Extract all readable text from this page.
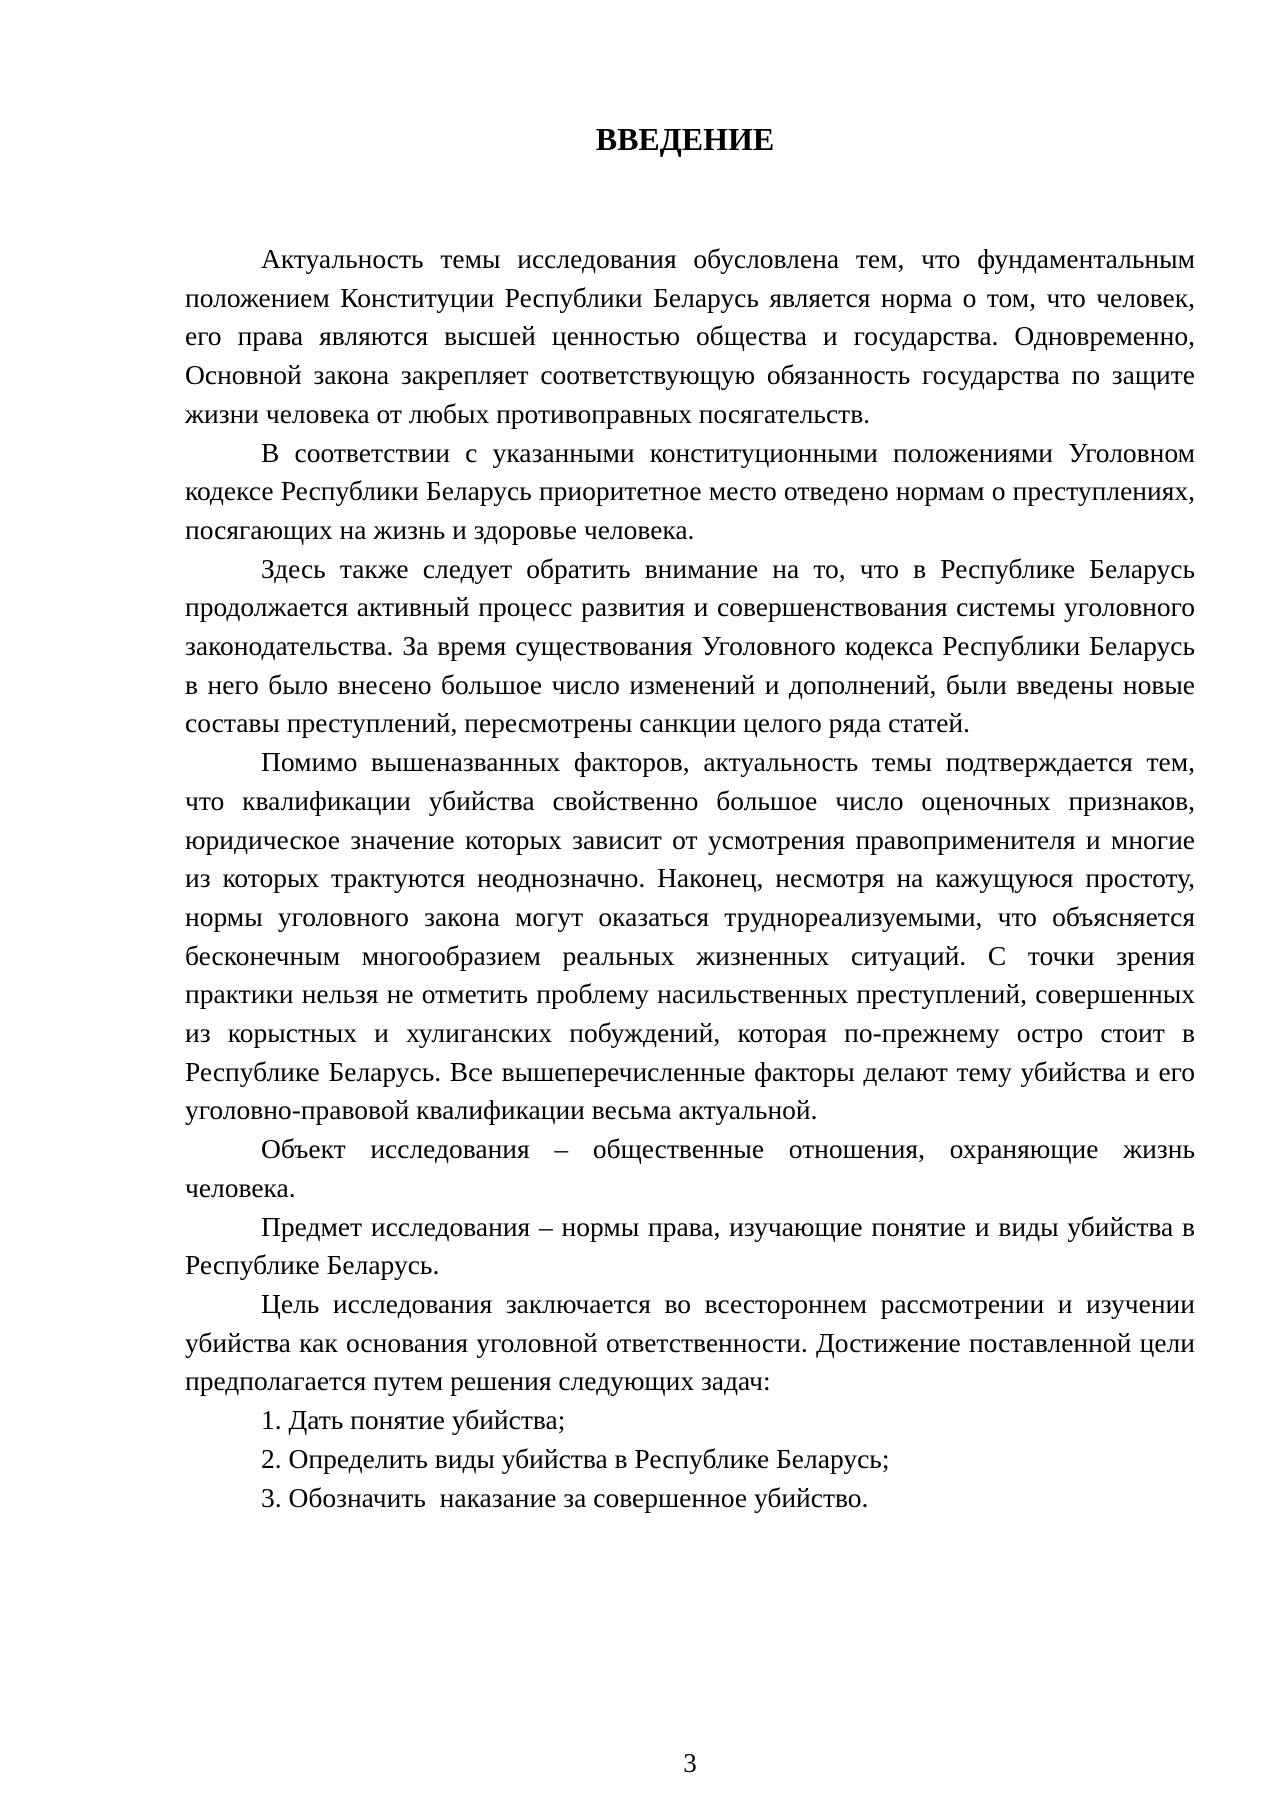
ВВЕДЕНИЕ

Актуальность темы исследования обусловлена тем, что фундаментальным положением Конституции Республики Беларусь является норма о том, что человек, его права являются высшей ценностью общества и государства. Одновременно, Основной закона закрепляет соответствующую обязанность государства по защите жизни человека от любых противоправных посягательств.

В соответствии с указанными конституционными положениями Уголовном кодексе Республики Беларусь приоритетное место отведено нормам о преступлениях, посягающих на жизнь и здоровье человека.

Здесь также следует обратить внимание на то, что в Республике Беларусь продолжается активный процесс развития и совершенствования системы уголовного законодательства. За время существования Уголовного кодекса Республики Беларусь в него было внесено большое число изменений и дополнений, были введены новые составы преступлений, пересмотрены санкции целого ряда статей.

Помимо вышеназванных факторов, актуальность темы подтверждается тем, что квалификации убийства свойственно большое число оценочных признаков, юридическое значение которых зависит от усмотрения правоприменителя и многие из которых трактуются неоднозначно. Наконец, несмотря на кажущуюся простоту, нормы уголовного закона могут оказаться труднореализуемыми, что объясняется бесконечным многообразием реальных жизненных ситуаций. С точки зрения практики нельзя не отметить проблему насильственных преступлений, совершенных из корыстных и хулиганских побуждений, которая по-прежнему остро стоит в Республике Беларусь. Все вышеперечисленные факторы делают тему убийства и его уголовно-правовой квалификации весьма актуальной.

Объект исследования – общественные отношения, охраняющие жизнь человека.

Предмет исследования – нормы права, изучающие понятие и виды убийства в Республике Беларусь.

Цель исследования заключается во всестороннем рассмотрении и изучении убийства как основания уголовной ответственности. Достижение поставленной цели предполагается путем решения следующих задач:

1. Дать понятие убийства;

2. Определить виды убийства в Республике Беларусь;

3. Обозначить  наказание за совершенное убийство.

3
